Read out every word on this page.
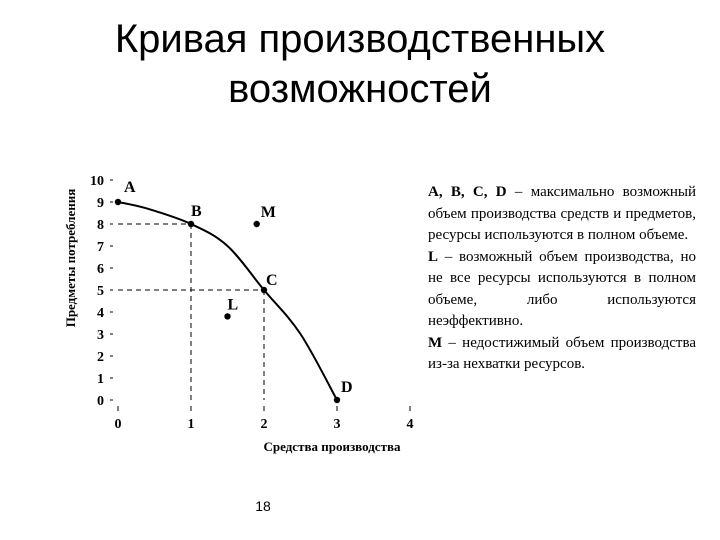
Кривая производственных
возможностей
0
1
2
3
4
5
6
7
8
9
10
0	1	2	3	4
A
B
C
D
M
L
Средства производства
Предметы потребления	A, B, C, D – максимально возможный объем производства средств и предметов, ресурсы используются в полном объеме.

L – возможный объем производства, но не все ресурсы используются в полном объеме, либо используются неэффективно.

M – недостижимый объем производства из-за нехватки ресурсов.

18
